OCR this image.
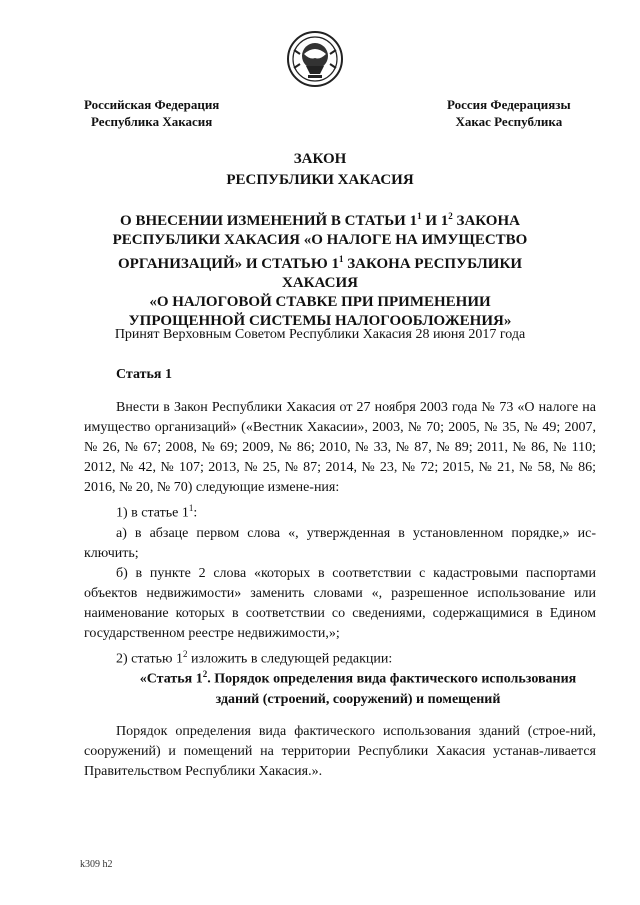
Российская Федерация
Республика Хакасия
Россия Федерациязы
Хакас Республика
ЗАКОН
РЕСПУБЛИКИ ХАКАСИЯ
О ВНЕСЕНИИ ИЗМЕНЕНИЙ В СТАТЬИ $1^1$ И $1^2$ ЗАКОНА
РЕСПУБЛИКИ ХАКАСИЯ «О НАЛОГЕ НА ИМУЩЕСТВО
ОРГАНИЗАЦИЙ» И СТАТЬЮ $1^1$ ЗАКОНА РЕСПУБЛИКИ ХАКАСИЯ
«О НАЛОГОВОЙ СТАВКЕ ПРИ ПРИМЕНЕНИИ
УПРОЩЕННОЙ СИСТЕМЫ НАЛОГООБЛОЖЕНИЯ»
Принят Верховным Советом Республики Хакасия 28 июня 2017 года
Статья 1

Внести в Закон Республики Хакасия от 27 ноября 2003 года № 73 «О налоге на имущество организаций» («Вестник Хакасии», 2003, № 70; 2005, № 35, № 49; 2007, № 26, № 67; 2008, № 69; 2009, № 86; 2010, № 33, № 87, № 89; 2011, № 86, № 110; 2012, № 42, № 107; 2013, № 25, № 87; 2014, № 23, № 72; 2015, № 21, № 58, № 86; 2016, № 20, № 70) следующие измене-ния:

1) в статье $1^1$:

а) в абзаце первом слова «, утвержденная в установленном порядке,» ис-ключить;

б) в пункте 2 слова «которых в соответствии с кадастровыми паспортами объектов недвижимости» заменить словами «, разрешенное использование или наименование которых в соответствии со сведениями, содержащимися в Едином государственном реестре недвижимости,»;

2) статью $1^2$ изложить в следующей редакции:

«Статья $1^2$. Порядок определения вида фактического использования зданий (строений, сооружений) и помещений

Порядок определения вида фактического использования зданий (строе-ний, сооружений) и помещений на территории Республики Хакасия устанав-ливается Правительством Республики Хакасия.».

k309 h2
